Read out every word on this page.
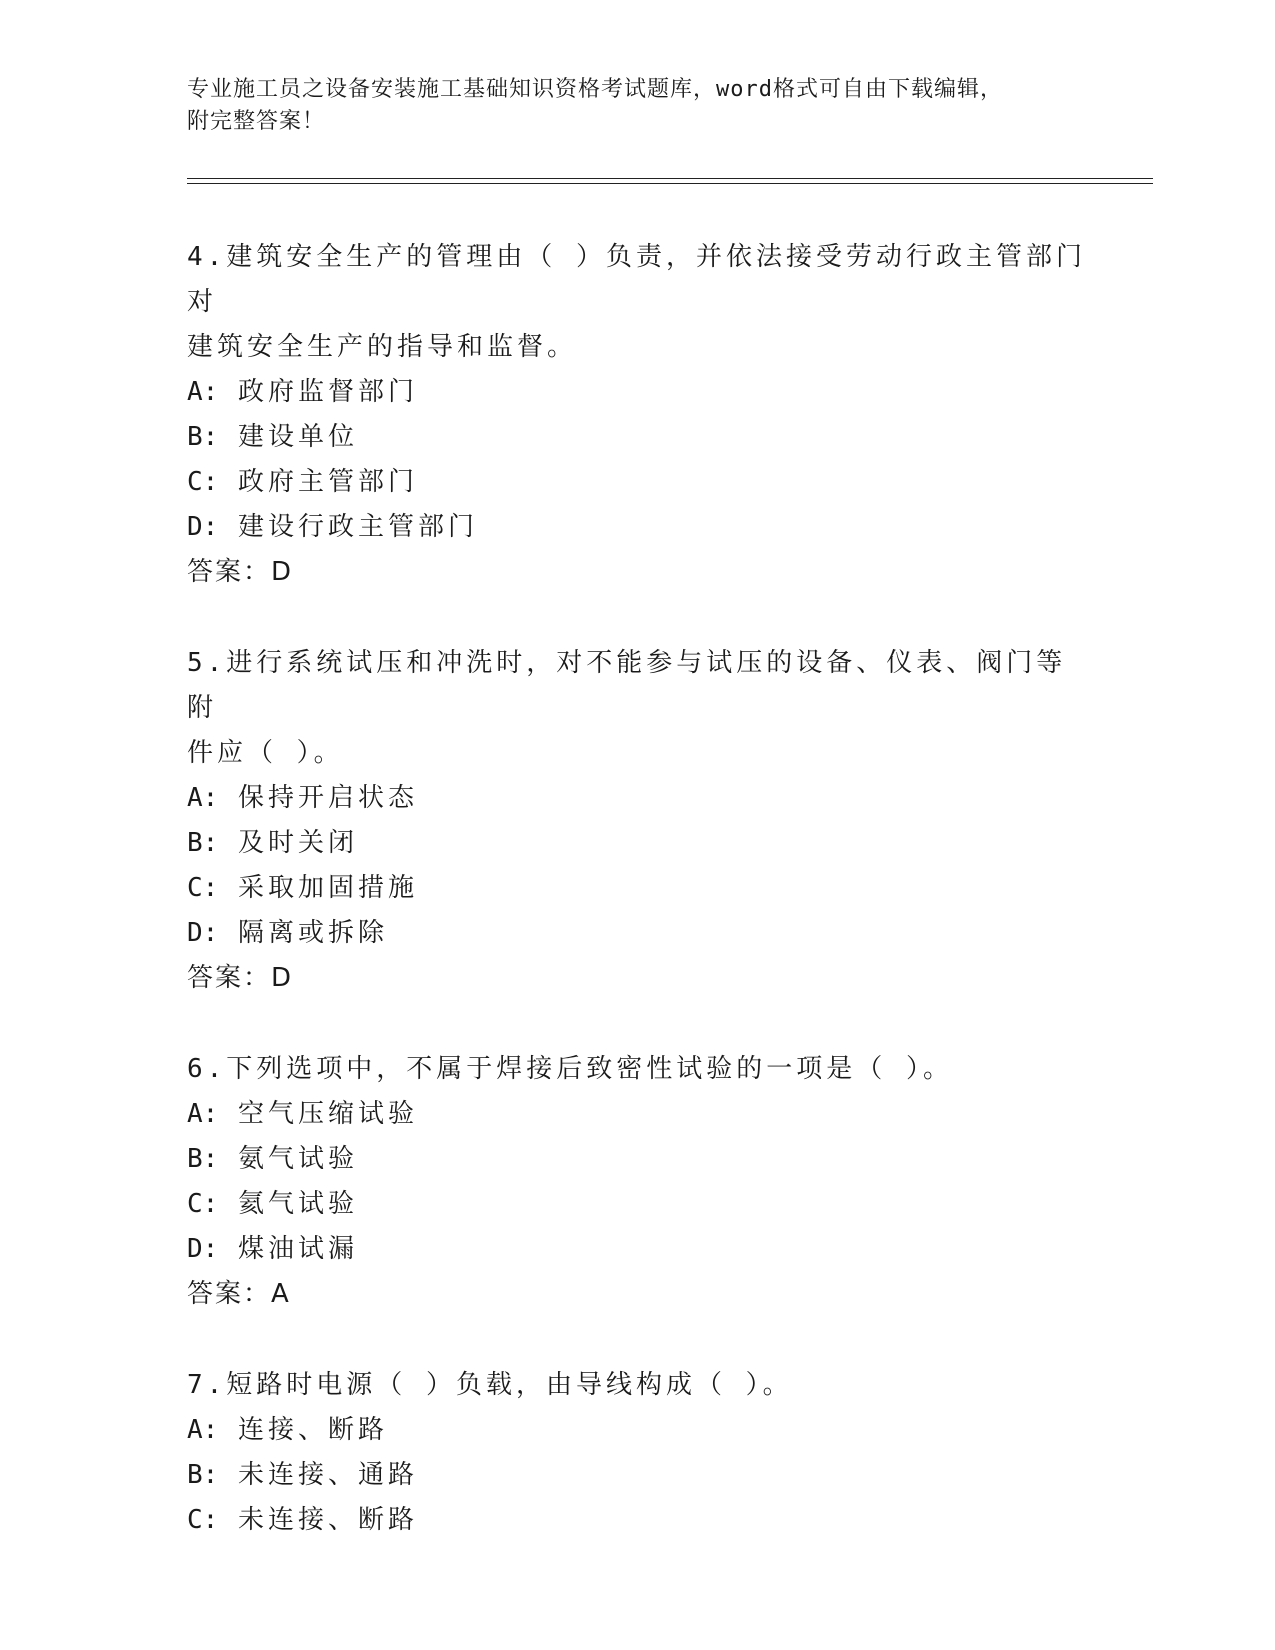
专业施工员之设备安装施工基础知识资格考试题库，word格式可自由下载编辑，
附完整答案！

4.建筑安全生产的管理由（ ）负责，并依法接受劳动行政主管部门对

建筑安全生产的指导和监督。

A: 政府监督部门

B: 建设单位

C: 政府主管部门

D: 建设行政主管部门

答案：D

5.进行系统试压和冲洗时，对不能参与试压的设备、仪表、阀门等附

件应（ ）。

A: 保持开启状态

B: 及时关闭

C: 采取加固措施

D: 隔离或拆除

答案：D

6.下列选项中，不属于焊接后致密性试验的一项是（ ）。

A: 空气压缩试验

B: 氨气试验

C: 氦气试验

D: 煤油试漏

答案：A

7.短路时电源（ ）负载，由导线构成（ ）。

A: 连接、断路

B: 未连接、通路

C: 未连接、断路
